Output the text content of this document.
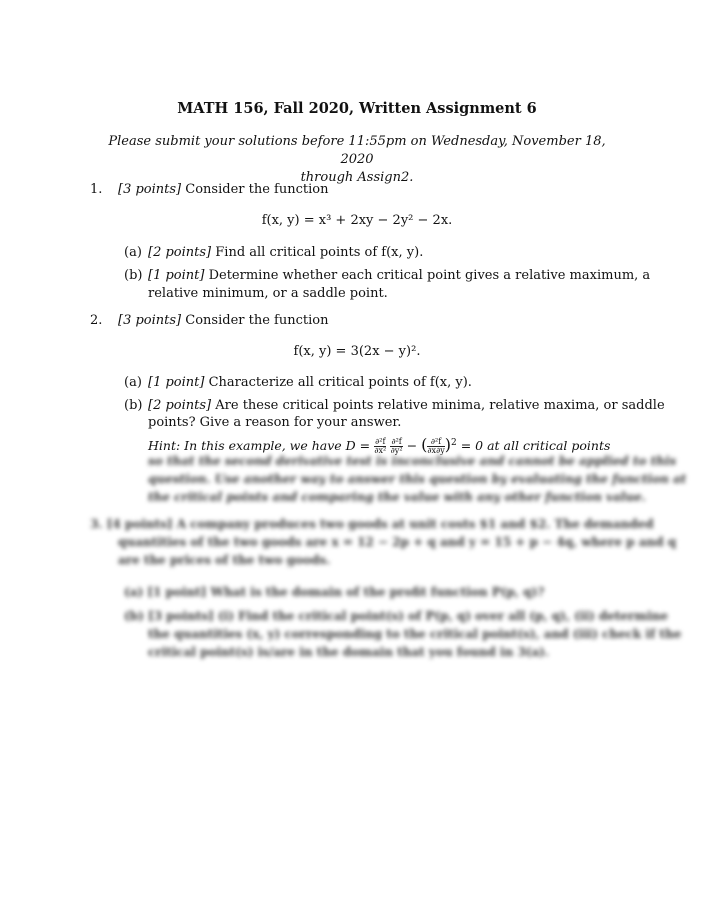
MATH 156, Fall 2020, Written Assignment 6
Please submit your solutions before 11:55pm on Wednesday, November 18, 2020
through Assign2.
1. [3 points] Consider the function
f(x, y) = x³ + 2xy − 2y² − 2x.
(a) [2 points] Find all critical points of f(x, y).
(b) [1 point] Determine whether each critical point gives a relative maximum, a
relative minimum, or a saddle point.
2. [3 points] Consider the function
f(x, y) = 3(2x − y)².
(a) [1 point] Characterize all critical points of f(x, y).
(b) [2 points] Are these critical points relative minima, relative maxima, or saddle
points? Give a reason for your answer.
Hint: In this example, we have $D = \frac{\text{∂²f}}{\text{∂x²}}$
$\frac{\text{∂²f}}{\text{∂y²}}$ − ( $\frac{\text{∂²f}}{\partial x\partial y} )^2 = 0$ at all critical points
so that the second derivative test is inconclusive and cannot be applied to this
question. Use another way to answer this question by evaluating the function at
the critical points and comparing the value with any other function value.
3. [4 points] A company produces two goods at unit costs $1 and $2. The demanded
quantities of the two goods are x = 12 − 2p + q and y = 15 + p − 4q, where p and q
are the prices of the two goods.
(a) [1 point] What is the domain of the profit function P(p, q)?
(b) [3 points] (i) Find the critical point(s) of P(p, q) over all (p, q), (ii) determine
the quantities (x, y) corresponding to the critical point(s), and (iii) check if the
critical point(s) is/are in the domain that you found in 3(a).
